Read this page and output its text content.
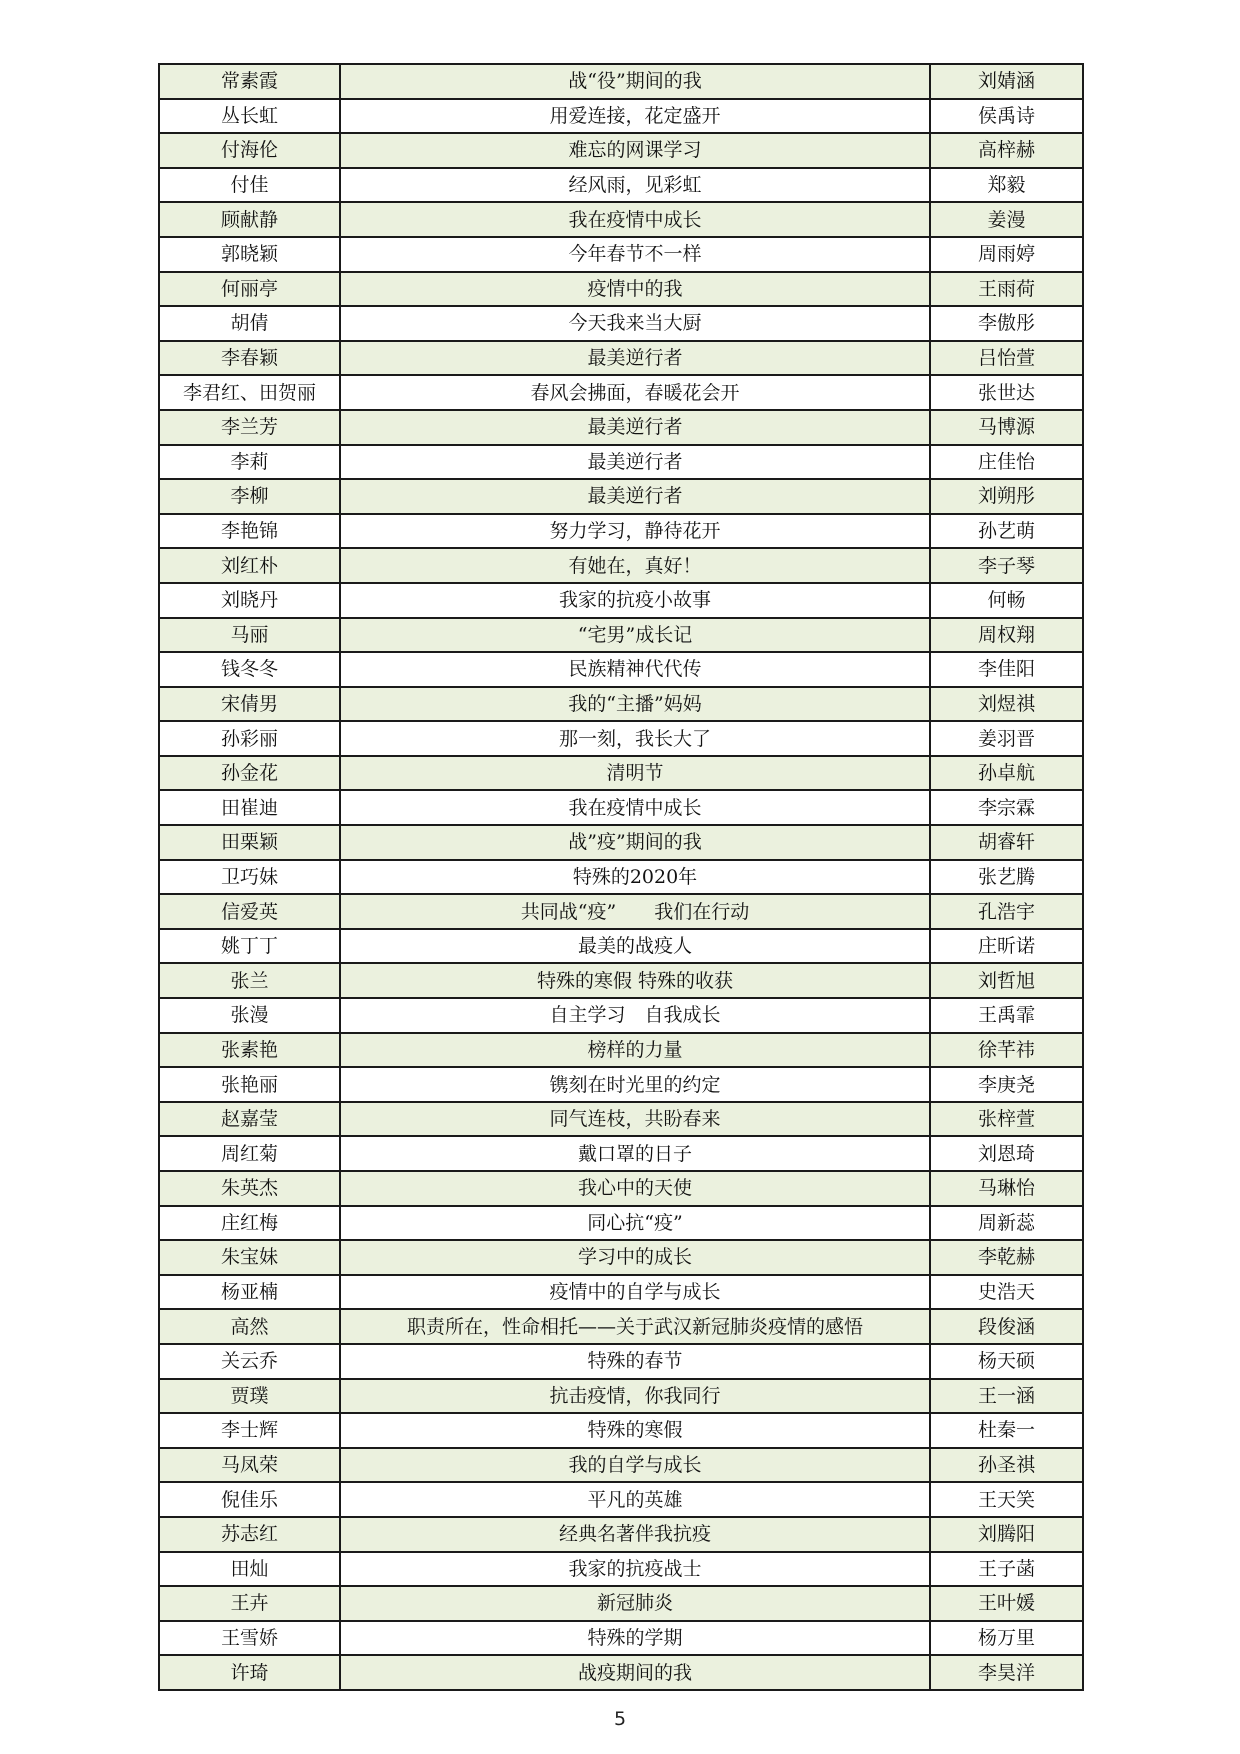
常素霞	战“役”期间的我	刘婧涵
丛长虹	用爱连接，花定盛开	侯禹诗
付海伦	难忘的网课学习	高梓赫
付佳	经风雨，见彩虹	郑毅
顾献静	我在疫情中成长	姜漫
郭晓颖	今年春节不一样	周雨婷
何丽亭	疫情中的我	王雨荷
胡倩	今天我来当大厨	李傲彤
李春颖	最美逆行者	吕怡萱
李君红、田贺丽	春风会拂面，春暖花会开	张世达
李兰芳	最美逆行者	马博源
李莉	最美逆行者	庄佳怡
李柳	最美逆行者	刘朔彤
李艳锦	努力学习，静待花开	孙艺萌
刘红朴	有她在，真好！	李子琴
刘晓丹	我家的抗疫小故事	何畅
马丽	“宅男”成长记	周权翔
钱冬冬	民族精神代代传	李佳阳
宋倩男	我的“主播”妈妈	刘煜祺
孙彩丽	那一刻，我长大了	姜羽晋
孙金花	清明节	孙卓航
田崔迪	我在疫情中成长	李宗霖
田栗颖	战”疫”期间的我	胡睿轩
卫巧妹	特殊的2020年	张艺腾
信爱英	共同战“疫”　　我们在行动	孔浩宇
姚丁丁	最美的战疫人	庄昕诺
张兰	特殊的寒假 特殊的收获	刘哲旭
张漫	自主学习　自我成长	王禹霏
张素艳	榜样的力量	徐芊祎
张艳丽	镌刻在时光里的约定	李庚尧
赵嘉莹	同气连枝，共盼春来	张梓萱
周红菊	戴口罩的日子	刘恩琦
朱英杰	我心中的天使	马琳怡
庄红梅	同心抗“疫”	周新蕊
朱宝妹	学习中的成长	李乾赫
杨亚楠	疫情中的自学与成长	史浩天
高然	职责所在，性命相托——关于武汉新冠肺炎疫情的感悟	段俊涵
关云乔	特殊的春节	杨天硕
贾璞	抗击疫情，你我同行	王一涵
李士辉	特殊的寒假	杜秦一
马凤荣	我的自学与成长	孙圣祺
倪佳乐	平凡的英雄	王天笑
苏志红	经典名著伴我抗疫	刘腾阳
田灿	我家的抗疫战士	王子菡
王卉	新冠肺炎	王叶媛
王雪娇	特殊的学期	杨万里
许琦	战疫期间的我	李昊洋
5
